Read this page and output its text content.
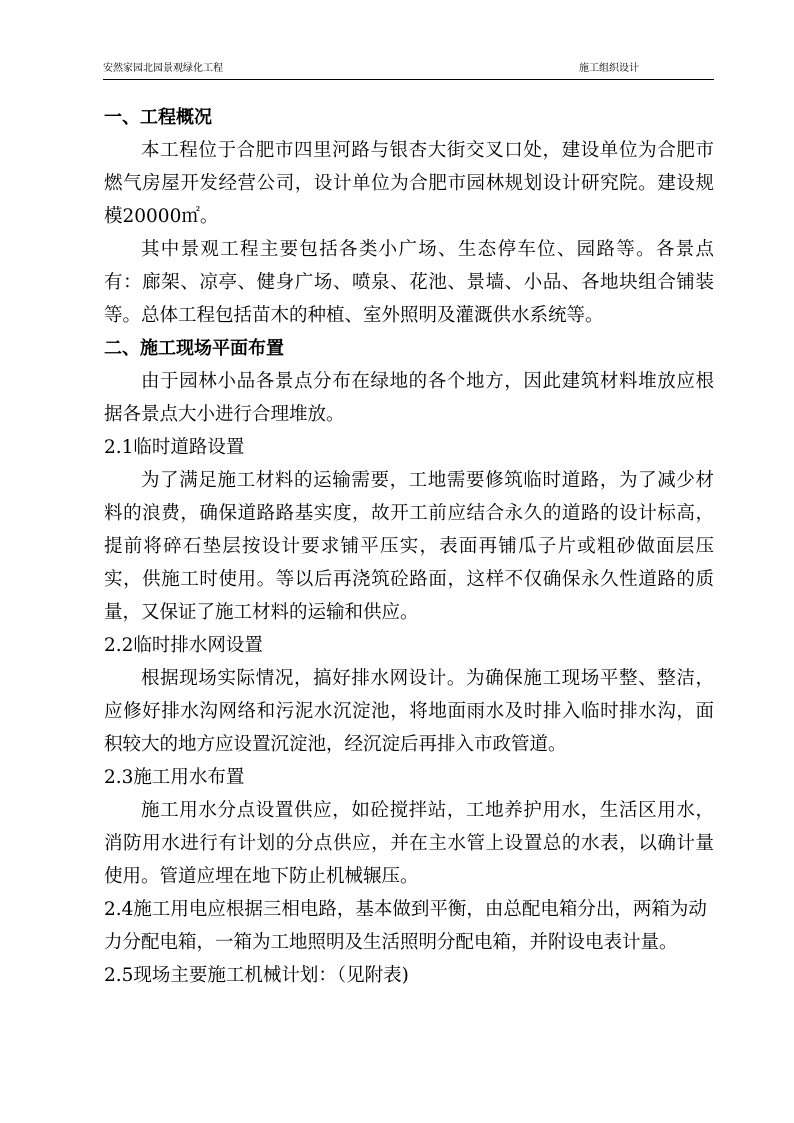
安然家园北园景观绿化工程	施工组织设计

一、工程概况

本工程位于合肥市四里河路与银杏大街交叉口处，建设单位为合肥市燃气房屋开发经营公司，设计单位为合肥市园林规划设计研究院。建设规模20000㎡。

其中景观工程主要包括各类小广场、生态停车位、园路等。各景点有：廊架、凉亭、健身广场、喷泉、花池、景墙、小品、各地块组合铺装等。总体工程包括苗木的种植、室外照明及灌溉供水系统等。

二、施工现场平面布置

由于园林小品各景点分布在绿地的各个地方，因此建筑材料堆放应根据各景点大小进行合理堆放。

2.1临时道路设置

为了满足施工材料的运输需要，工地需要修筑临时道路，为了减少材料的浪费，确保道路路基实度，故开工前应结合永久的道路的设计标高，提前将碎石垫层按设计要求铺平压实，表面再铺瓜子片或粗砂做面层压实，供施工时使用。等以后再浇筑砼路面，这样不仅确保永久性道路的质量，又保证了施工材料的运输和供应。

2.2临时排水网设置

根据现场实际情况，搞好排水网设计。为确保施工现场平整、整洁，应修好排水沟网络和污泥水沉淀池，将地面雨水及时排入临时排水沟，面积较大的地方应设置沉淀池，经沉淀后再排入市政管道。

2.3施工用水布置

施工用水分点设置供应，如砼搅拌站，工地养护用水，生活区用水，消防用水进行有计划的分点供应，并在主水管上设置总的水表，以确计量使用。管道应埋在地下防止机械辗压。

2.4施工用电应根据三相电路，基本做到平衡，由总配电箱分出，两箱为动力分配电箱，一箱为工地照明及生活照明分配电箱，并附设电表计量。

2.5现场主要施工机械计划：（见附表)
